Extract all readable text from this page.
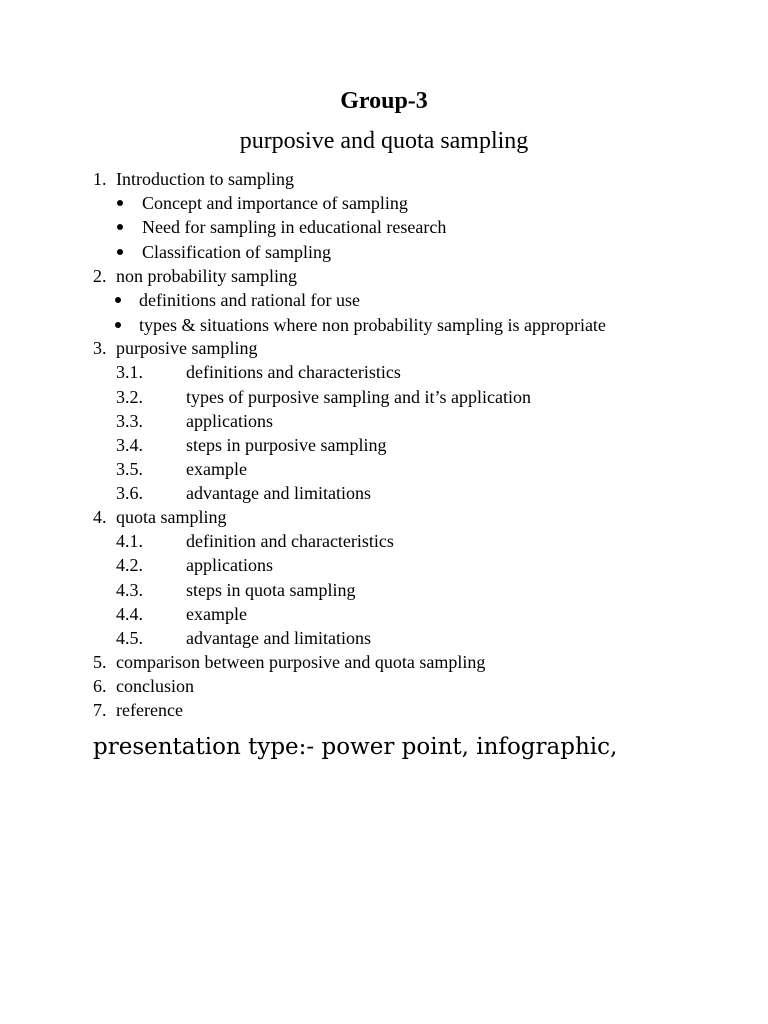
Group-3
purposive and quota sampling
1. Introduction to sampling
Concept and importance of sampling
Need for sampling in educational research
Classification of sampling
2. non probability sampling
definitions and rational for use
types & situations where non probability sampling is appropriate
3. purposive sampling
3.1. definitions and characteristics
3.2. types of purposive sampling and it’s application
3.3. applications
3.4. steps in purposive sampling
3.5. example
3.6. advantage and limitations
4. quota sampling
4.1. definition and characteristics
4.2. applications
4.3. steps in quota sampling
4.4. example
4.5. advantage and limitations
5. comparison between purposive and quota sampling
6. conclusion
7. reference
presentation type:- power point, infographic,
